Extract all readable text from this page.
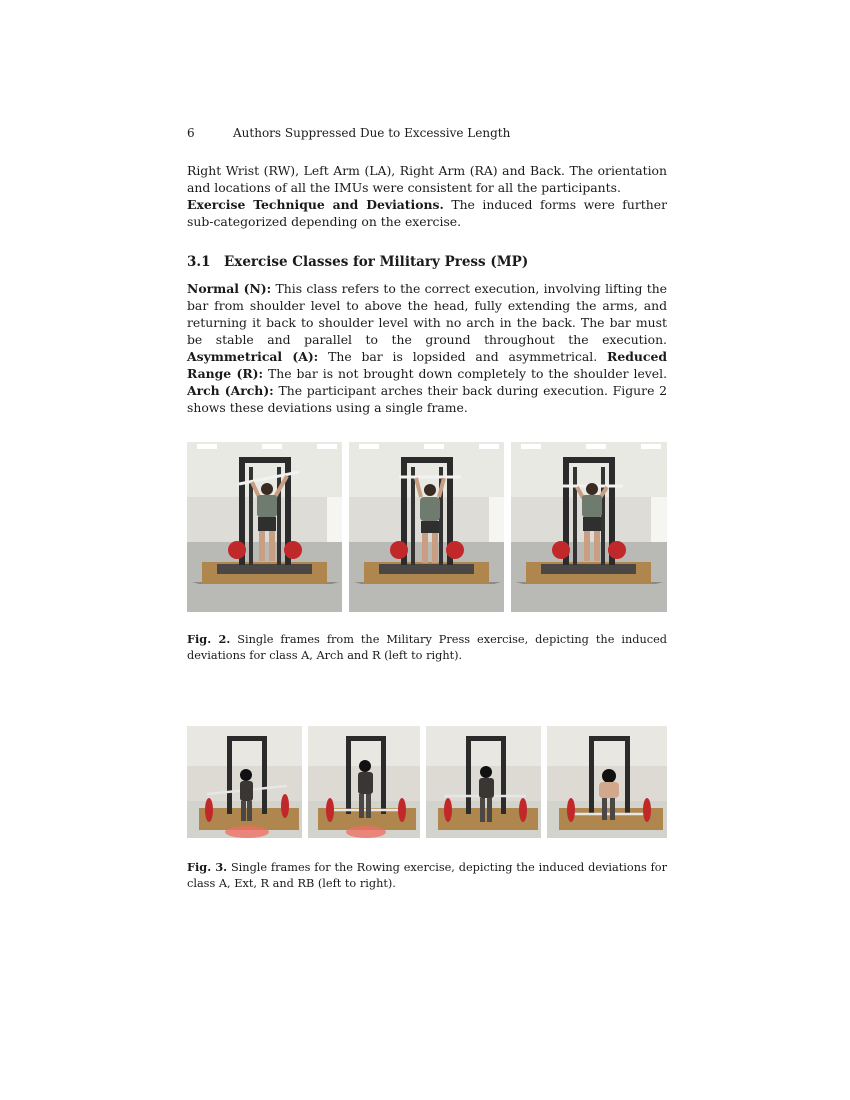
6	Authors Suppressed Due to Excessive Length
Right Wrist (RW), Left Arm (LA), Right Arm (RA) and Back. The orientation and locations of all the IMUs were consistent for all the participants.
Exercise Technique and Deviations. The induced forms were further sub-categorized depending on the exercise.
3.1 Exercise Classes for Military Press (MP)
Normal (N): This class refers to the correct execution, involving lifting the bar from shoulder level to above the head, fully extending the arms, and returning it back to shoulder level with no arch in the back. The bar must be stable and parallel to the ground throughout the execution. Asymmetrical (A): The bar is lopsided and asymmetrical. Reduced Range (R): The bar is not brought down completely to the shoulder level. Arch (Arch): The participant arches their back during execution. Figure 2 shows these deviations using a single frame.
Fig. 2. Single frames from the Military Press exercise, depicting the induced deviations for class A, Arch and R (left to right).
Fig. 3. Single frames for the Rowing exercise, depicting the induced deviations for class A, Ext, R and RB (left to right).
